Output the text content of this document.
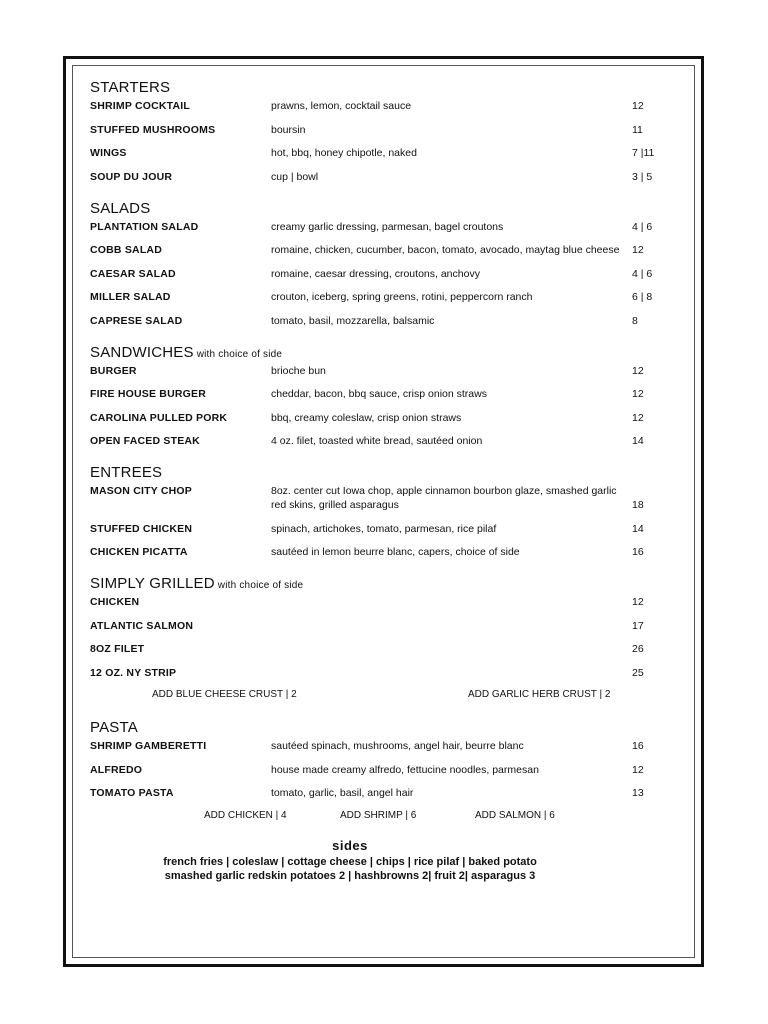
STARTERS
SHRIMP COCKTAIL	prawns, lemon, cocktail sauce	12
STUFFED MUSHROOMS	boursin	11
WINGS	hot, bbq, honey chipotle, naked	7 |11
SOUP DU JOUR	cup | bowl	3 | 5
SALADS
PLANTATION SALAD	creamy garlic dressing, parmesan, bagel croutons	4 | 6
COBB SALAD	romaine, chicken, cucumber, bacon, tomato, avocado, maytag blue cheese	12
CAESAR SALAD	romaine, caesar dressing, croutons, anchovy	4 | 6
MILLER SALAD	crouton, iceberg, spring greens, rotini, peppercorn ranch	6 | 8
CAPRESE SALAD	tomato, basil, mozzarella, balsamic	8
SANDWICHES with choice of side
BURGER	brioche bun	12
FIRE HOUSE BURGER	cheddar, bacon, bbq sauce, crisp onion straws	12
CAROLINA PULLED PORK	bbq, creamy coleslaw, crisp onion straws	12
OPEN FACED STEAK	4 oz. filet, toasted white bread, sautéed onion	14
ENTREES
MASON CITY CHOP	8oz. center cut Iowa chop, apple cinnamon bourbon glaze, smashed garlic red skins, grilled asparagus	18
STUFFED CHICKEN	spinach, artichokes, tomato, parmesan, rice pilaf	14
CHICKEN PICATTA	sautéed in lemon beurre blanc, capers, choice of side	16
SIMPLY GRILLED with choice of side
CHICKEN	12
ATLANTIC SALMON	17
8OZ FILET	26
12 OZ. NY STRIP	25
ADD BLUE CHEESE CRUST | 2	ADD GARLIC HERB CRUST | 2
PASTA
SHRIMP GAMBERETTI	sautéed spinach, mushrooms, angel hair, beurre blanc	16
ALFREDO	house made creamy alfredo, fettucine noodles, parmesan	12
TOMATO PASTA	tomato, garlic, basil, angel hair	13
ADD CHICKEN | 4	ADD SHRIMP | 6	ADD SALMON | 6
sides
french fries | coleslaw | cottage cheese | chips | rice pilaf | baked potato
smashed garlic redskin potatoes 2 | hashbrowns 2| fruit 2| asparagus 3
